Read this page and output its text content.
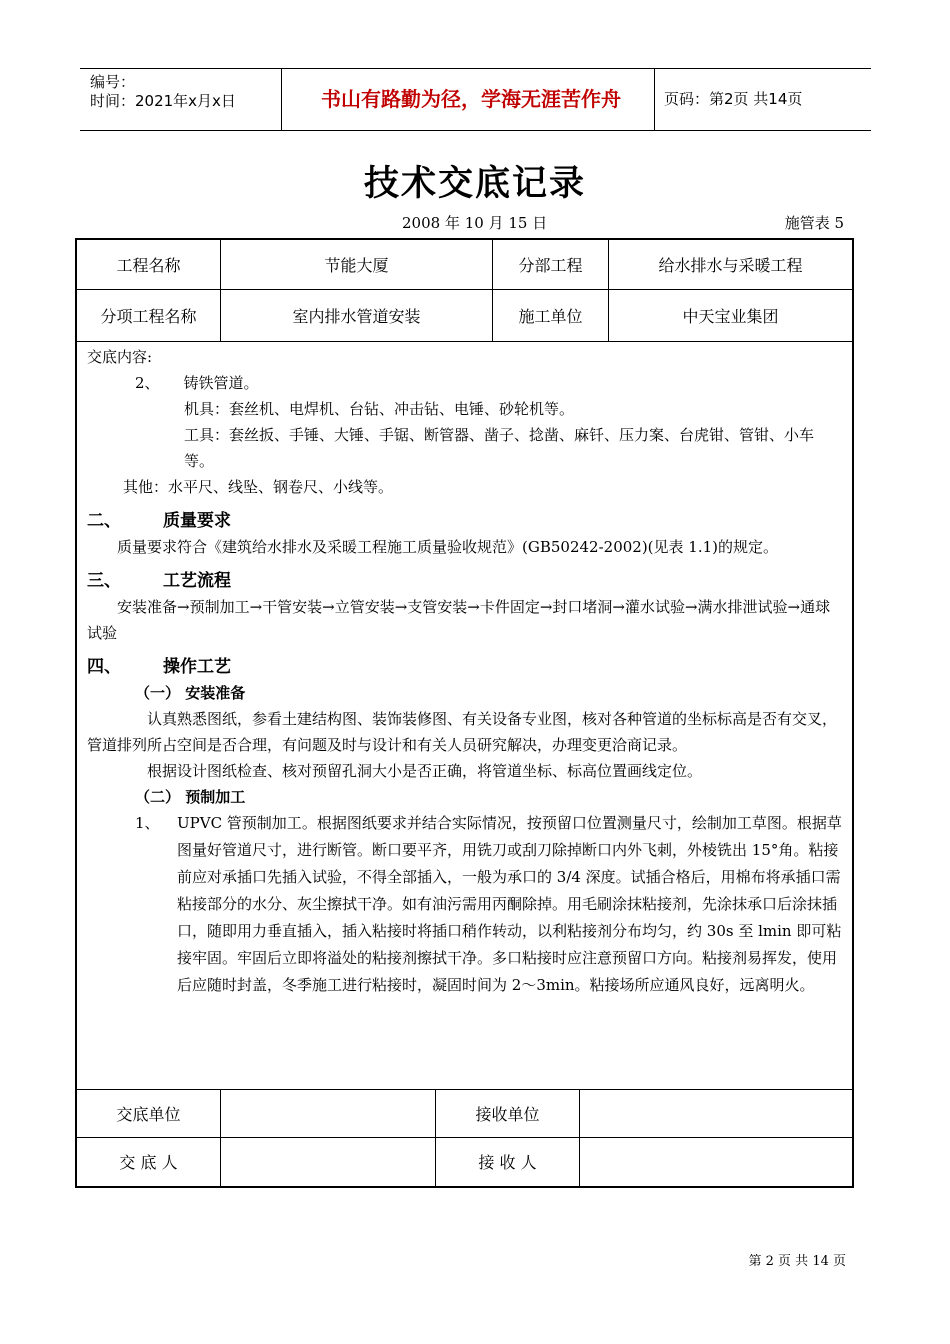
编号：
时间：2021年x月x日	书山有路勤为径，学海无涯苦作舟	页码：第2页 共14页
技术交底记录
2008 年 10 月 15 日	施管表 5
工程名称	节能大厦	分部工程	给水排水与采暖工程
分项工程名称	室内排水管道安装	施工单位	中天宝业集团

交底内容:

2、 铸铁管道。

机具：套丝机、电焊机、台钻、冲击钻、电锤、砂轮机等。

工具：套丝扳、手锤、大锤、手锯、断管器、凿子、捻凿、麻钎、压力案、台虎钳、管钳、小车等。

其他：水平尺、线坠、钢卷尺、小线等。

二、 质量要求

质量要求符合《建筑给水排水及采暖工程施工质量验收规范》(GB50242-2002)(见表 1.1)的规定。

三、 工艺流程

安装准备→预制加工→干管安装→立管安装→支管安装→卡件固定→封口堵洞→灌水试验→满水排泄试验→通球试验

四、 操作工艺

（一） 安装准备

认真熟悉图纸，参看土建结构图、装饰装修图、有关设备专业图，核对各种管道的坐标标高是否有交叉，管道排列所占空间是否合理，有问题及时与设计和有关人员研究解决，办理变更洽商记录。

根据设计图纸检查、核对预留孔洞大小是否正确，将管道坐标、标高位置画线定位。

（二） 预制加工

1、	UPVC 管预制加工。根据图纸要求并结合实际情况，按预留口位置测量尺寸，绘制加工草图。根据草图量好管道尺寸，进行断管。断口要平齐，用铣刀或刮刀除掉断口内外飞刺，外棱铣出 15°角。粘接前应对承插口先插入试验，不得全部插入，一般为承口的 3/4 深度。试插合格后，用棉布将承插口需粘接部分的水分、灰尘擦拭干净。如有油污需用丙酮除掉。用毛刷涂抹粘接剂，先涂抹承口后涂抹插口，随即用力垂直插入，插入粘接时将插口稍作转动，以利粘接剂分布均匀，约 30s 至 lmin 即可粘接牢固。牢固后立即将溢处的粘接剂擦拭干净。多口粘接时应注意预留口方向。粘接剂易挥发，使用后应随时封盖，冬季施工进行粘接时，凝固时间为 2～3min。粘接场所应通风良好，远离明火。
交底单位	接收单位
交 底 人	接 收 人
第 2 页 共 14 页
